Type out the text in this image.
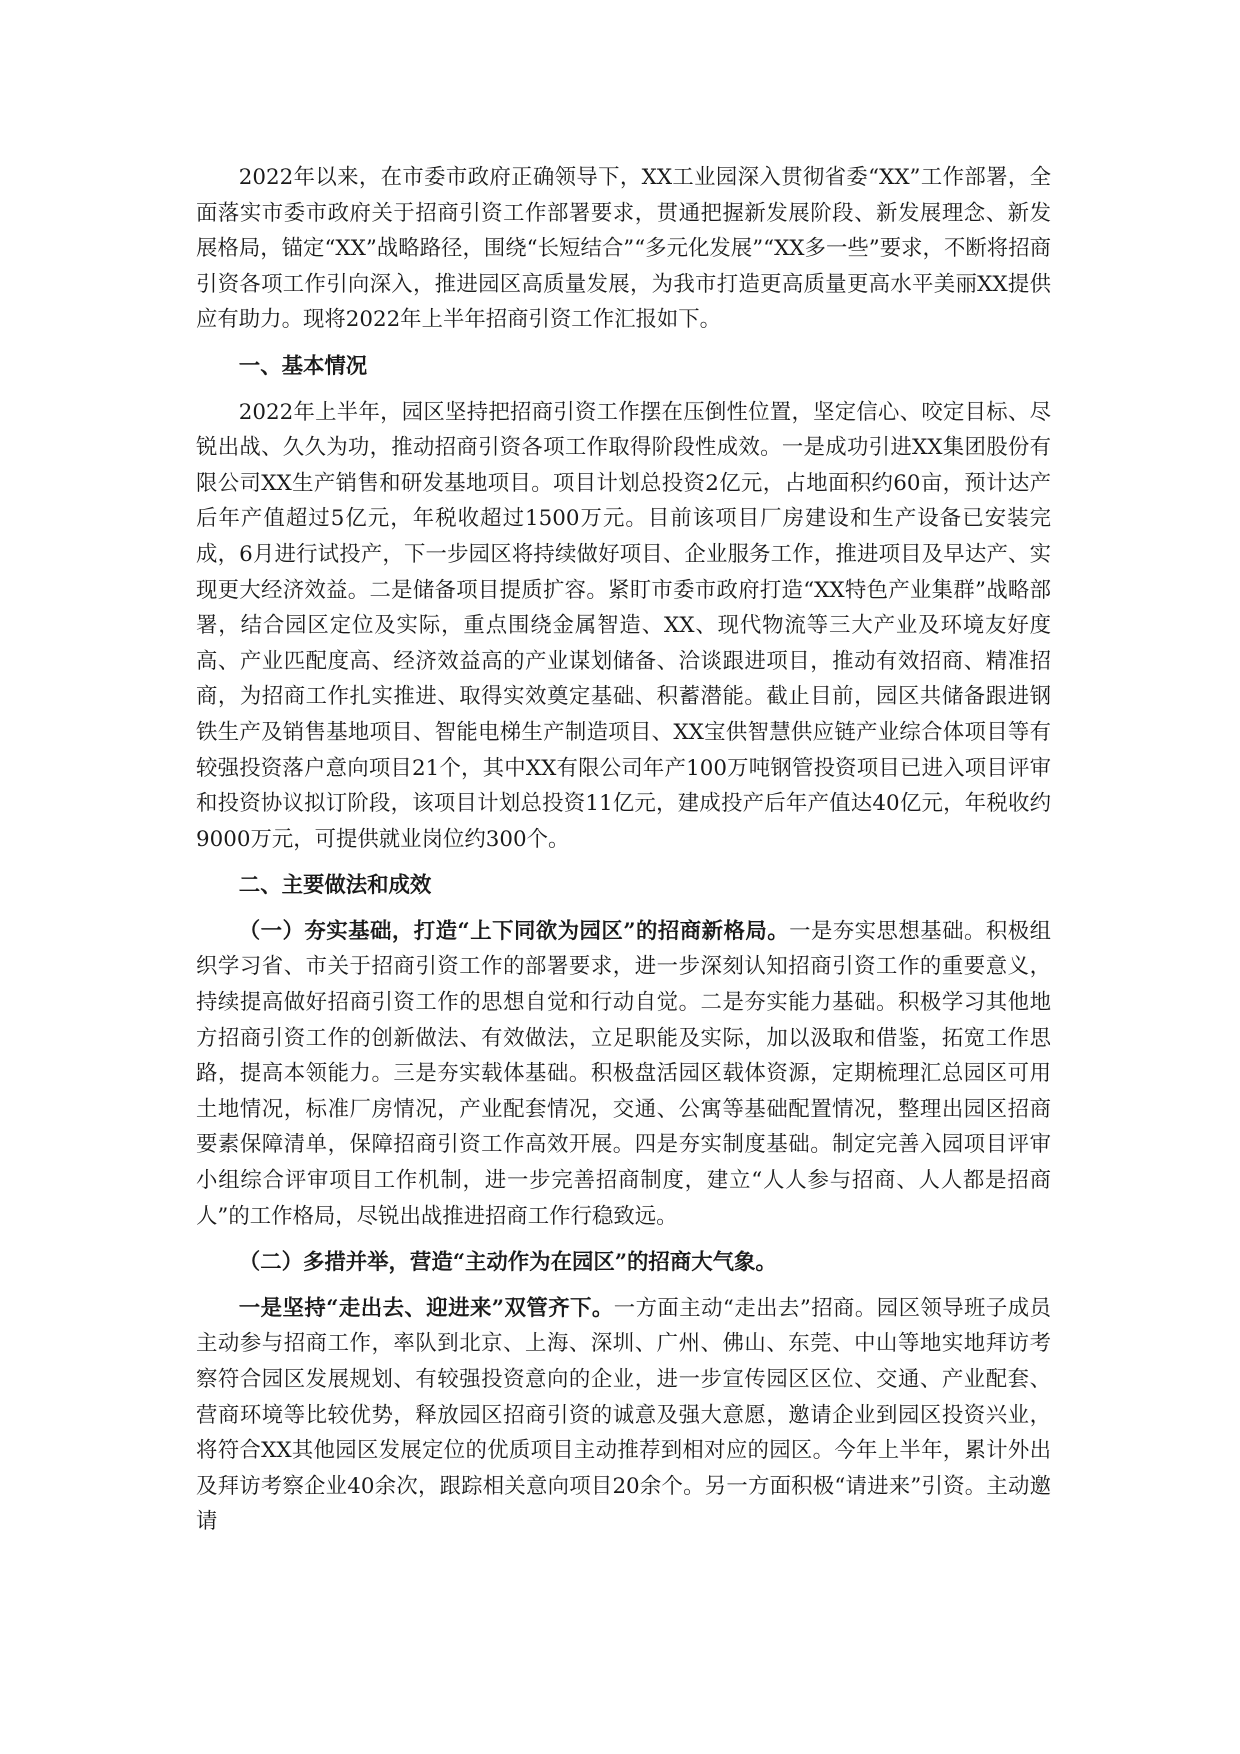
2022年以来，在市委市政府正确领导下，XX工业园深入贯彻省委“XX”工作部署，全面落实市委市政府关于招商引资工作部署要求，贯通把握新发展阶段、新发展理念、新发展格局，锚定“XX”战略路径，围绕“长短结合”“多元化发展”“XX多一些”要求，不断将招商引资各项工作引向深入，推进园区高质量发展，为我市打造更高质量更高水平美丽XX提供应有助力。现将2022年上半年招商引资工作汇报如下。

一、基本情况

2022年上半年，园区坚持把招商引资工作摆在压倒性位置，坚定信心、咬定目标、尽锐出战、久久为功，推动招商引资各项工作取得阶段性成效。一是成功引进XX集团股份有限公司XX生产销售和研发基地项目。项目计划总投资2亿元，占地面积约60亩，预计达产后年产值超过5亿元，年税收超过1500万元。目前该项目厂房建设和生产设备已安装完成，6月进行试投产，下一步园区将持续做好项目、企业服务工作，推进项目及早达产、实现更大经济效益。二是储备项目提质扩容。紧盯市委市政府打造“XX特色产业集群”战略部署，结合园区定位及实际，重点围绕金属智造、XX、现代物流等三大产业及环境友好度高、产业匹配度高、经济效益高的产业谋划储备、洽谈跟进项目，推动有效招商、精准招商，为招商工作扎实推进、取得实效奠定基础、积蓄潜能。截止目前，园区共储备跟进钢铁生产及销售基地项目、智能电梯生产制造项目、XX宝供智慧供应链产业综合体项目等有较强投资落户意向项目21个，其中XX有限公司年产100万吨钢管投资项目已进入项目评审和投资协议拟订阶段，该项目计划总投资11亿元，建成投产后年产值达40亿元，年税收约9000万元，可提供就业岗位约300个。

二、主要做法和成效

（一）夯实基础，打造“上下同欲为园区”的招商新格局。一是夯实思想基础。积极组织学习省、市关于招商引资工作的部署要求，进一步深刻认知招商引资工作的重要意义，持续提高做好招商引资工作的思想自觉和行动自觉。二是夯实能力基础。积极学习其他地方招商引资工作的创新做法、有效做法，立足职能及实际，加以汲取和借鉴，拓宽工作思路，提高本领能力。三是夯实载体基础。积极盘活园区载体资源，定期梳理汇总园区可用土地情况，标准厂房情况，产业配套情况，交通、公寓等基础配置情况，整理出园区招商要素保障清单，保障招商引资工作高效开展。四是夯实制度基础。制定完善入园项目评审小组综合评审项目工作机制，进一步完善招商制度，建立“人人参与招商、人人都是招商人”的工作格局，尽锐出战推进招商工作行稳致远。

（二）多措并举，营造“主动作为在园区”的招商大气象。

一是坚持“走出去、迎进来”双管齐下。一方面主动“走出去”招商。园区领导班子成员主动参与招商工作，率队到北京、上海、深圳、广州、佛山、东莞、中山等地实地拜访考察符合园区发展规划、有较强投资意向的企业，进一步宣传园区区位、交通、产业配套、营商环境等比较优势，释放园区招商引资的诚意及强大意愿，邀请企业到园区投资兴业，将符合XX其他园区发展定位的优质项目主动推荐到相对应的园区。今年上半年，累计外出及拜访考察企业40余次，跟踪相关意向项目20余个。另一方面积极“请进来”引资。主动邀请
